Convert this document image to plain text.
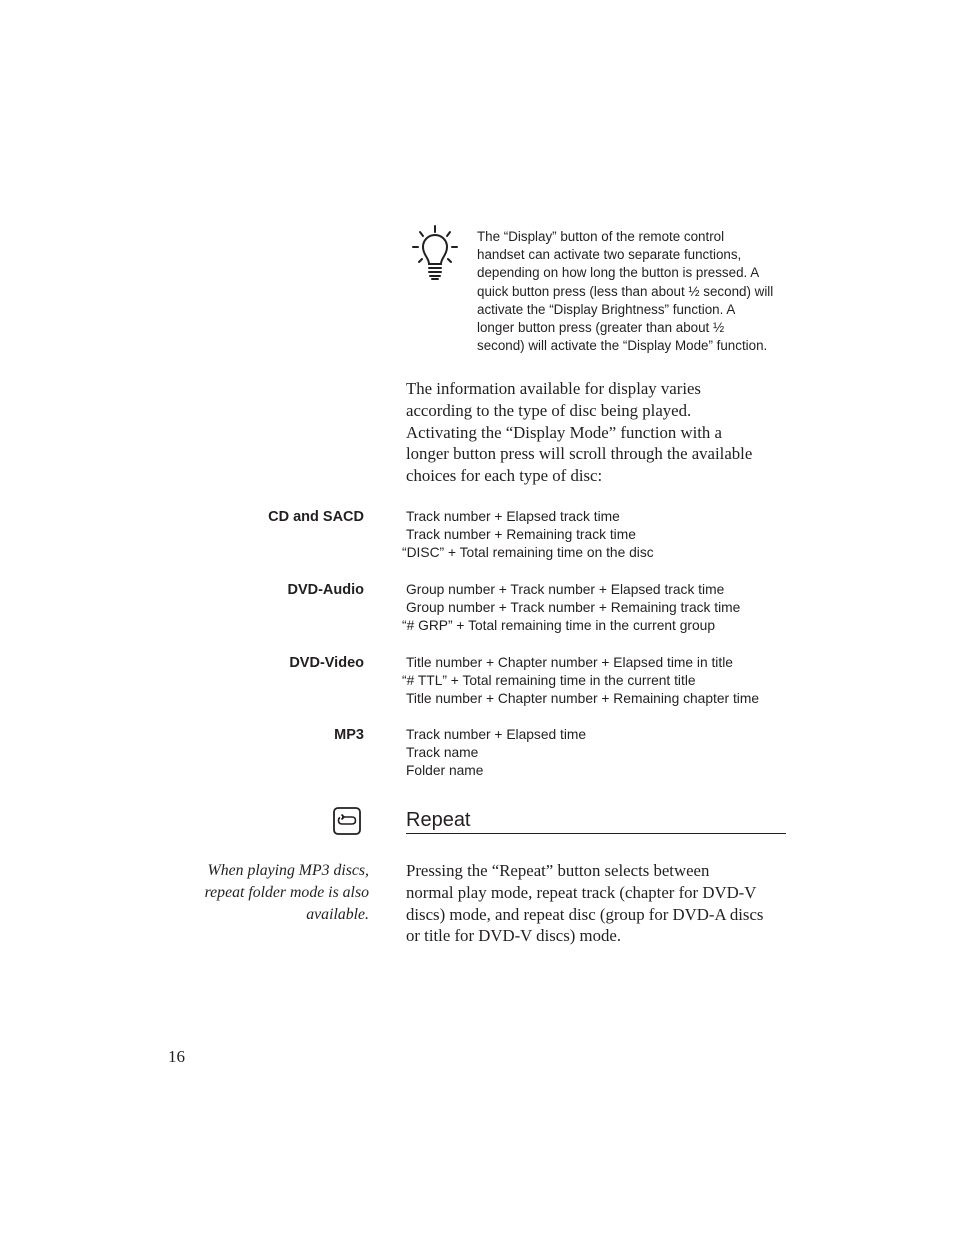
The “Display” button of the remote control
handset can activate two separate functions,
depending on how long the button is pressed. A
quick button press (less than about ½ second) will
activate the “Display Brightness” function. A
longer button press (greater than about ½
second) will activate the “Display Mode” function.
The information available for display varies
according to the type of disc being played.
Activating the “Display Mode” function with a
longer button press will scroll through the available
choices for each type of disc:
CD and SACD	Track number + Elapsed track time
Track number + Remaining track time
“DISC” + Total remaining time on the disc
DVD-Audio	Group number + Track number + Elapsed track time
Group number + Track number + Remaining track time
“# GRP” + Total remaining time in the current group
DVD-Video	Title number + Chapter number + Elapsed time in title
“# TTL” + Total remaining time in the current title
Title number + Chapter number + Remaining chapter time
MP3	Track number + Elapsed time
Track name
Folder name
Repeat
When playing MP3 discs,
repeat folder mode is also
available.
Pressing the “Repeat” button selects between
normal play mode, repeat track (chapter for DVD-V
discs) mode, and repeat disc (group for DVD-A discs
or title for DVD-V discs) mode.
16
